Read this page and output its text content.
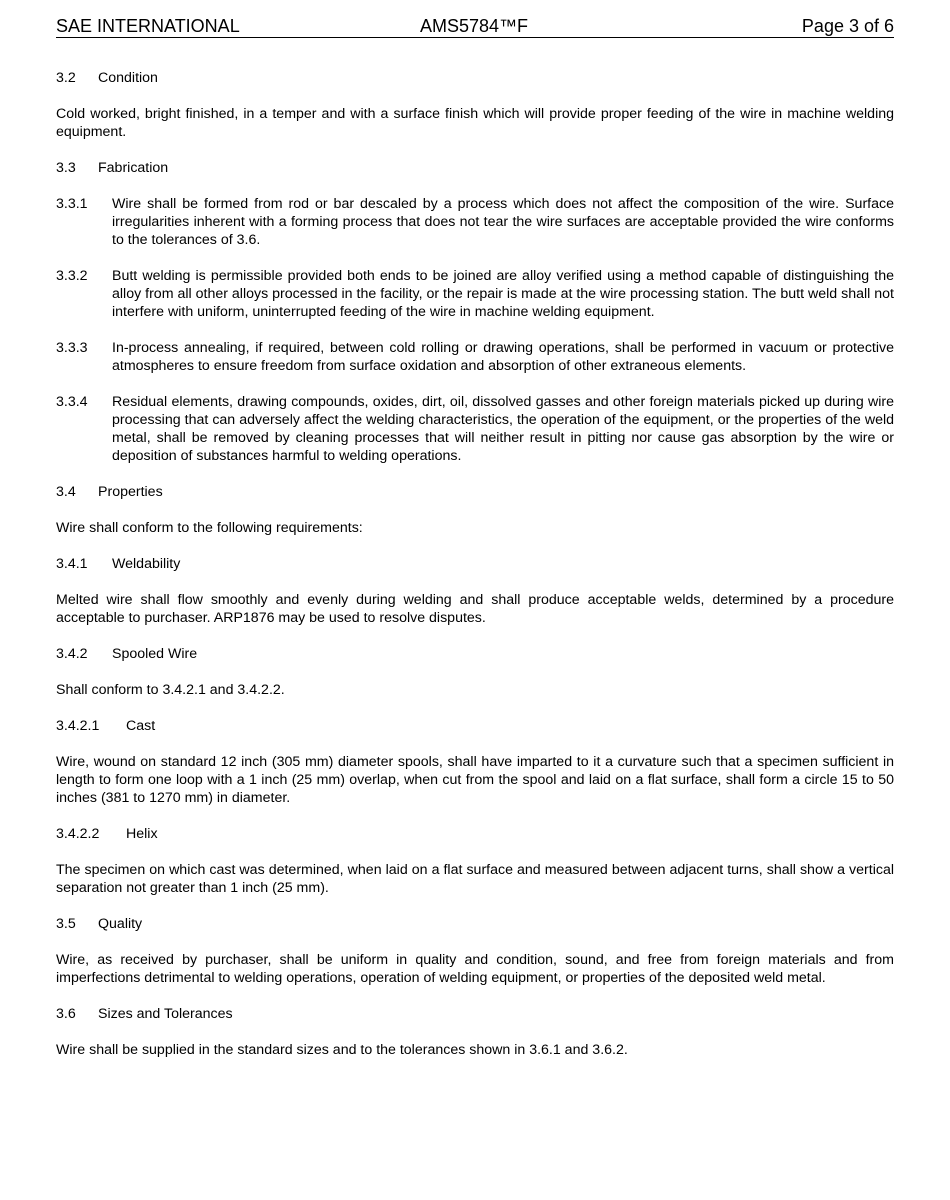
SAE INTERNATIONAL	AMS5784™F	Page 3 of 6
3.2	Condition
Cold worked, bright finished, in a temper and with a surface finish which will provide proper feeding of the wire in machine welding equipment.
3.3	Fabrication
3.3.1	Wire shall be formed from rod or bar descaled by a process which does not affect the composition of the wire. Surface irregularities inherent with a forming process that does not tear the wire surfaces are acceptable provided the wire conforms to the tolerances of 3.6.
3.3.2	Butt welding is permissible provided both ends to be joined are alloy verified using a method capable of distinguishing the alloy from all other alloys processed in the facility, or the repair is made at the wire processing station. The butt weld shall not interfere with uniform, uninterrupted feeding of the wire in machine welding equipment.
3.3.3	In-process annealing, if required, between cold rolling or drawing operations, shall be performed in vacuum or protective atmospheres to ensure freedom from surface oxidation and absorption of other extraneous elements.
3.3.4	Residual elements, drawing compounds, oxides, dirt, oil, dissolved gasses and other foreign materials picked up during wire processing that can adversely affect the welding characteristics, the operation of the equipment, or the properties of the weld metal, shall be removed by cleaning processes that will neither result in pitting nor cause gas absorption by the wire or deposition of substances harmful to welding operations.
3.4	Properties
Wire shall conform to the following requirements:
3.4.1	Weldability
Melted wire shall flow smoothly and evenly during welding and shall produce acceptable welds, determined by a procedure acceptable to purchaser. ARP1876 may be used to resolve disputes.
3.4.2	Spooled Wire
Shall conform to 3.4.2.1 and 3.4.2.2.
3.4.2.1	Cast
Wire, wound on standard 12 inch (305 mm) diameter spools, shall have imparted to it a curvature such that a specimen sufficient in length to form one loop with a 1 inch (25 mm) overlap, when cut from the spool and laid on a flat surface, shall form a circle 15 to 50 inches (381 to 1270 mm) in diameter.
3.4.2.2	Helix
The specimen on which cast was determined, when laid on a flat surface and measured between adjacent turns, shall show a vertical separation not greater than 1 inch (25 mm).
3.5	Quality
Wire, as received by purchaser, shall be uniform in quality and condition, sound, and free from foreign materials and from imperfections detrimental to welding operations, operation of welding equipment, or properties of the deposited weld metal.
3.6	Sizes and Tolerances
Wire shall be supplied in the standard sizes and to the tolerances shown in 3.6.1 and 3.6.2.
